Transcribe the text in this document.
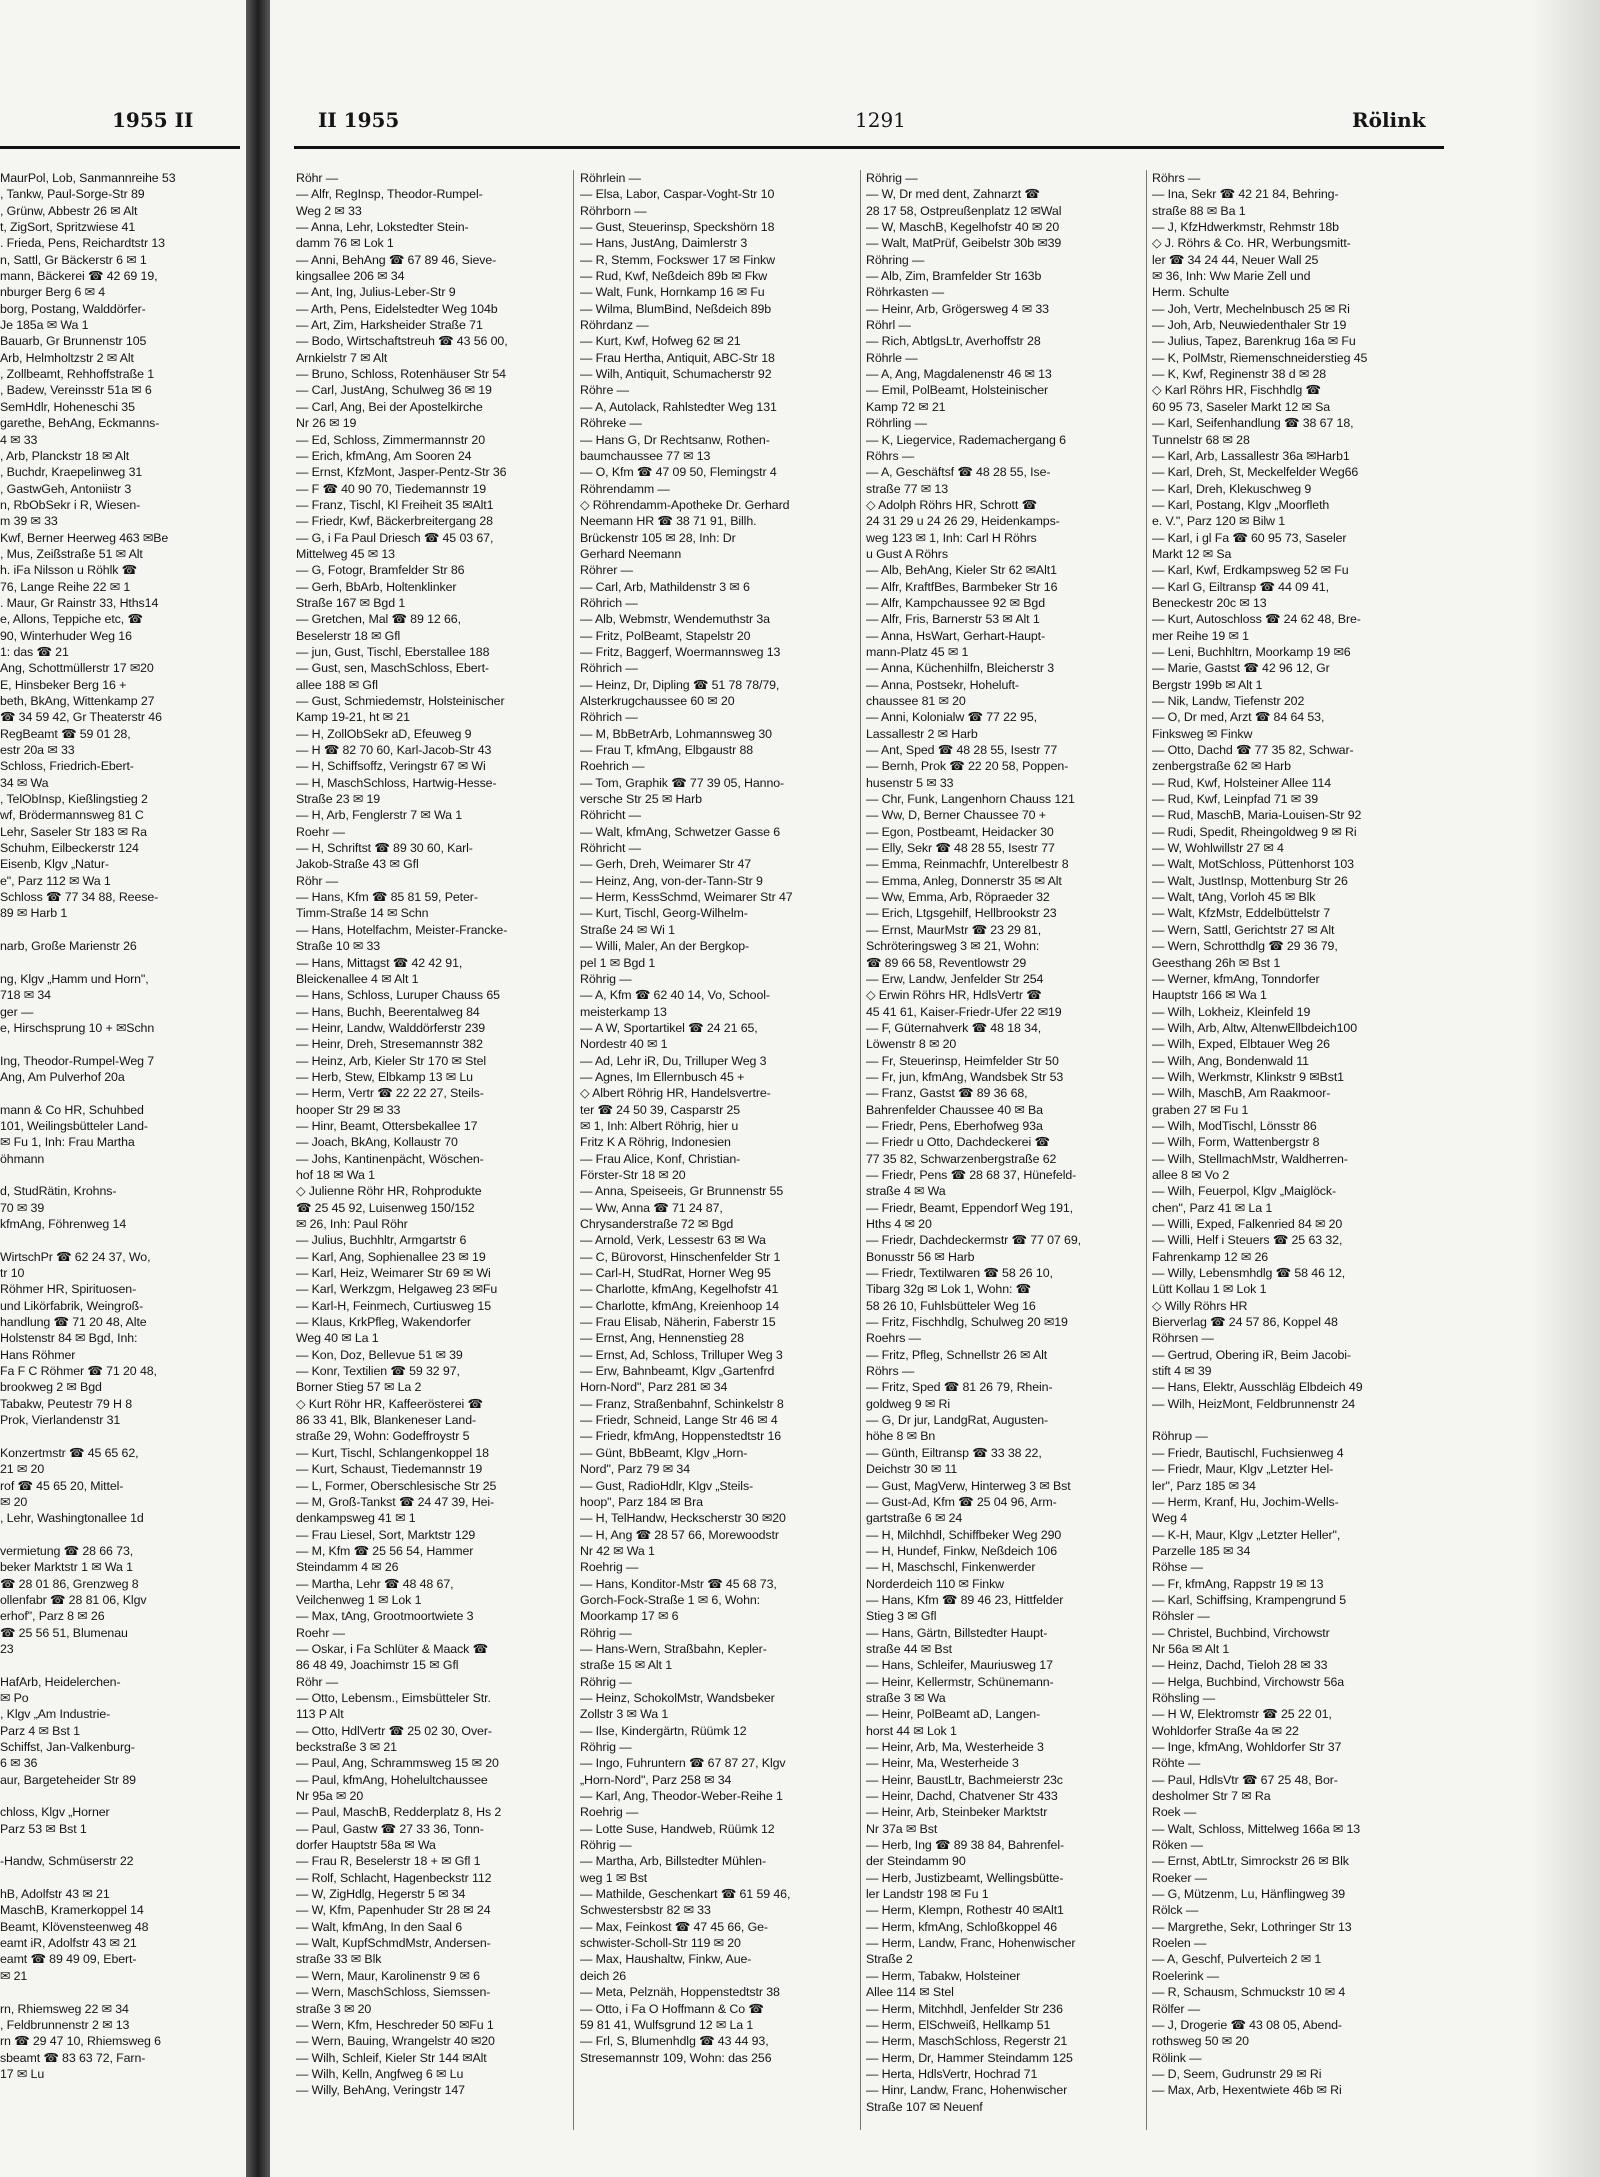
1955 II
MaurPol, Lob, Sanmannreihe 53
, Tankw, Paul-Sorge-Str 89
, Grünw, Abbestr 26 ✉ Alt
t, ZigSort, Spritzwiese 41
. Frieda, Pens, Reichardtstr 13
n, Sattl, Gr Bäckerstr 6 ✉ 1
mann, Bäckerei ☎ 42 69 19,
nburger Berg 6 ✉ 4
borg, Postang, Walddörfer-
Je 185a ✉ Wa 1
Bauarb, Gr Brunnenstr 105
Arb, Helmholtzstr 2 ✉ Alt
, Zollbeamt, Rehhoffstraße 1
, Badew, Vereinsstr 51a ✉ 6
SemHdlr, Hoheneschi 35
garethe, BehAng, Eckmanns-
4 ✉ 33
, Arb, Planckstr 18 ✉ Alt
, Buchdr, Kraepelinweg 31
, GastwGeh, Antoniistr 3
n, RbObSekr i R, Wiesen-
m 39 ✉ 33
Kwf, Berner Heerweg 463 ✉Be
, Mus, Zeißstraße 51 ✉ Alt
h. iFa Nilsson u Röhlk ☎
76, Lange Reihe 22 ✉ 1
. Maur, Gr Rainstr 33, Hths14
e, Allons, Teppiche etc, ☎
90, Winterhuder Weg 16
1: das ☎ 21
Ang, Schottmüllerstr 17 ✉20
E, Hinsbeker Berg 16 +
beth, BkAng, Wittenkamp 27
☎ 34 59 42, Gr Theaterstr 46
RegBeamt ☎ 59 01 28,
estr 20a ✉ 33
Schloss, Friedrich-Ebert-
34 ✉ Wa
, TelObInsp, Kießlingstieg 2
wf, Brödermannsweg 81 C
Lehr, Saseler Str 183 ✉ Ra
Schuhm, Eilbeckerstr 124
Eisenb, Klgv „Natur-
e", Parz 112 ✉ Wa 1
Schloss ☎ 77 34 88, Reese-
89 ✉ Harb 1
narb, Große Marienstr 26
ng, Klgv „Hamm und Horn",
718 ✉ 34
ger —
e, Hirschsprung 10 + ✉Schn
Ing, Theodor-Rumpel-Weg 7
Ang, Am Pulverhof 20a
mann & Co HR, Schuhbed
101, Weilingsbütteler Land-
✉ Fu 1, Inh: Frau Martha
öhmann
d, StudRätin, Krohns-
70 ✉ 39
kfmAng, Föhrenweg 14
WirtschPr ☎ 62 24 37, Wo,
tr 10
Röhmer HR, Spirituosen-
und Likörfabrik, Weingroß-
handlung ☎ 71 20 48, Alte
Holstenstr 84 ✉ Bgd, Inh:
Hans Röhmer
Fa F C Röhmer ☎ 71 20 48,
brookweg 2 ✉ Bgd
Tabakw, Peutestr 79 H 8
Prok, Vierlandenstr 31
Konzertmstr ☎ 45 65 62,
21 ✉ 20
rof ☎ 45 65 20, Mittel-
✉ 20
, Lehr, Washingtonallee 1d
vermietung ☎ 28 66 73,
beker Marktstr 1 ✉ Wa 1
☎ 28 01 86, Grenzweg 8
ollenfabr ☎ 28 81 06, Klgv
erhof", Parz 8 ✉ 26
☎ 25 56 51, Blumenau
23
HafArb, Heidelerchen-
✉ Po
, Klgv „Am Industrie-
Parz 4 ✉ Bst 1
Schiffst, Jan-Valkenburg-
6 ✉ 36
aur, Bargeteheider Str 89
chloss, Klgv „Horner
Parz 53 ✉ Bst 1
-Handw, Schmüserstr 22
hB, Adolfstr 43 ✉ 21
MaschB, Kramerkoppel 14
Beamt, Klövensteenweg 48
eamt iR, Adolfstr 43 ✉ 21
eamt ☎ 89 49 09, Ebert-
✉ 21
rn, Rhiemsweg 22 ✉ 34
, Feldbrunnenstr 2 ✉ 13
rn ☎ 29 47 10, Rhiemsweg 6
sbeamt ☎ 83 63 72, Farn-
17 ✉ Lu
II 1955	1291	Rölink
Röhr —
— Alfr, RegInsp, Theodor-Rumpel-
Weg 2 ✉ 33
— Anna, Lehr, Lokstedter Stein-
damm 76 ✉ Lok 1
— Anni, BehAng ☎ 67 89 46, Sieve-
kingsallee 206 ✉ 34
— Ant, Ing, Julius-Leber-Str 9
— Arth, Pens, Eidelstedter Weg 104b
— Art, Zim, Harksheider Straße 71
— Bodo, Wirtschaftstreuh ☎ 43 56 00,
Arnkielstr 7 ✉ Alt
— Bruno, Schloss, Rotenhäuser Str 54
— Carl, JustAng, Schulweg 36 ✉ 19
— Carl, Ang, Bei der Apostelkirche
Nr 26 ✉ 19
— Ed, Schloss, Zimmermannstr 20
— Erich, kfmAng, Am Sooren 24
— Ernst, KfzMont, Jasper-Pentz-Str 36
— F ☎ 40 90 70, Tiedemannstr 19
— Franz, Tischl, Kl Freiheit 35 ✉Alt1
— Friedr, Kwf, Bäckerbreitergang 28
— G, i Fa Paul Driesch ☎ 45 03 67,
Mittelweg 45 ✉ 13
— G, Fotogr, Bramfelder Str 86
— Gerh, BbArb, Holtenklinker
Straße 167 ✉ Bgd 1
— Gretchen, Mal ☎ 89 12 66,
Beselerstr 18 ✉ Gfl
— jun, Gust, Tischl, Eberstallee 188
— Gust, sen, MaschSchloss, Ebert-
allee 188 ✉ Gfl
— Gust, Schmiedemstr, Holsteinischer
Kamp 19-21, ht ✉ 21
— H, ZollObSekr aD, Efeuweg 9
— H ☎ 82 70 60, Karl-Jacob-Str 43
— H, Schiffsoffz, Veringstr 67 ✉ Wi
— H, MaschSchloss, Hartwig-Hesse-
Straße 23 ✉ 19
— H, Arb, Fenglerstr 7 ✉ Wa 1
Roehr —
— H, Schriftst ☎ 89 30 60, Karl-
Jakob-Straße 43 ✉ Gfl
Röhr —
— Hans, Kfm ☎ 85 81 59, Peter-
Timm-Straße 14 ✉ Schn
— Hans, Hotelfachm, Meister-Francke-
Straße 10 ✉ 33
— Hans, Mittagst ☎ 42 42 91,
Bleickenallee 4 ✉ Alt 1
— Hans, Schloss, Luruper Chauss 65
— Hans, Buchh, Beerentalweg 84
— Heinr, Landw, Walddörferstr 239
— Heinr, Dreh, Stresemannstr 382
— Heinz, Arb, Kieler Str 170 ✉ Stel
— Herb, Stew, Elbkamp 13 ✉ Lu
— Herm, Vertr ☎ 22 22 27, Steils-
hooper Str 29 ✉ 33
— Hinr, Beamt, Ottersbekallee 17
— Joach, BkAng, Kollaustr 70
— Johs, Kantinenpächt, Wöschen-
hof 18 ✉ Wa 1
◇ Julienne Röhr HR, Rohprodukte
☎ 25 45 92, Luisenweg 150/152
✉ 26, Inh: Paul Röhr
— Julius, Buchhltr, Armgartstr 6
— Karl, Ang, Sophienallee 23 ✉ 19
— Karl, Heiz, Weimarer Str 69 ✉ Wi
— Karl, Werkzgm, Helgaweg 23 ✉Fu
— Karl-H, Feinmech, Curtiusweg 15
— Klaus, KrkPfleg, Wakendorfer
Weg 40 ✉ La 1
— Kon, Doz, Bellevue 51 ✉ 39
— Konr, Textilien ☎ 59 32 97,
Borner Stieg 57 ✉ La 2
◇ Kurt Röhr HR, Kaffeerösterei ☎
86 33 41, Blk, Blankeneser Land-
straße 29, Wohn: Godeffroystr 5
— Kurt, Tischl, Schlangenkoppel 18
— Kurt, Schaust, Tiedemannstr 19
— L, Former, Oberschlesische Str 25
— M, Groß-Tankst ☎ 24 47 39, Hei-
denkampsweg 41 ✉ 1
— Frau Liesel, Sort, Marktstr 129
— M, Kfm ☎ 25 56 54, Hammer
Steindamm 4 ✉ 26
— Martha, Lehr ☎ 48 48 67,
Veilchenweg 1 ✉ Lok 1
— Max, tAng, Grootmoortwiete 3
Roehr —
— Oskar, i Fa Schlüter & Maack ☎
86 48 49, Joachimstr 15 ✉ Gfl
Röhr —
— Otto, Lebensm., Eimsbütteler Str.
113 P Alt
— Otto, HdlVertr ☎ 25 02 30, Over-
beckstraße 3 ✉ 21
— Paul, Ang, Schrammsweg 15 ✉ 20
— Paul, kfmAng, Hohelultchaussee
Nr 95a ✉ 20
— Paul, MaschB, Redderplatz 8, Hs 2
— Paul, Gastw ☎ 27 33 36, Tonn-
dorfer Hauptstr 58a ✉ Wa
— Frau R, Beselerstr 18 + ✉ Gfl 1
— Rolf, Schlacht, Hagenbeckstr 112
— W, ZigHdlg, Hegerstr 5 ✉ 34
— W, Kfm, Papenhuder Str 28 ✉ 24
— Walt, kfmAng, In den Saal 6
— Walt, KupfSchmdMstr, Andersen-
straße 33 ✉ Blk
— Wern, Maur, Karolinenstr 9 ✉ 6
— Wern, MaschSchloss, Siemssen-
straße 3 ✉ 20
— Wern, Kfm, Heschreder 50 ✉Fu 1
— Wern, Bauing, Wrangelstr 40 ✉20
— Wilh, Schleif, Kieler Str 144 ✉Alt
— Wilh, Kelln, Angfweg 6 ✉ Lu
— Willy, BehAng, Veringstr 147
Röhrlein —
— Elsa, Labor, Caspar-Voght-Str 10
Röhrborn —
— Gust, Steuerinsp, Speckshörn 18
— Hans, JustAng, Daimlerstr 3
— R, Stemm, Fockswег 17 ✉ Finkw
— Rud, Kwf, Neßdeich 89b ✉ Fkw
— Walt, Funk, Hornkamp 16 ✉ Fu
— Wilma, BlumBind, Neßdeich 89b
Röhrdanz —
— Kurt, Kwf, Hofweg 62 ✉ 21
— Frau Hertha, Antiquit, ABC-Str 18
— Wilh, Antiquit, Schumacherstr 92
Röhre —
— A, Autolack, Rahlstedter Weg 131
Röhreke —
— Hans G, Dr Rechtsanw, Rothen-
baumchaussee 77 ✉ 13
— O, Kfm ☎ 47 09 50, Flemingstr 4
Röhrendamm —
◇ Röhrendamm-Apotheke Dr. Gerhard
Neemann HR ☎ 38 71 91, Billh.
Brückenstr 105 ✉ 28, Inh: Dr
Gerhard Neemann
Röhrer —
— Carl, Arb, Mathildenstr 3 ✉ 6
Röhrich —
— Alb, Webmstr, Wendemuthstr 3a
— Fritz, PolBeamt, Stapelstr 20
— Fritz, Baggerf, Woermannsweg 13
Röhrich —
— Heinz, Dr, Dipling ☎ 51 78 78/79,
Alsterkrugchaussee 60 ✉ 20
Röhrich —
— M, BbBetrArb, Lohmannsweg 30
— Frau T, kfmAng, Elbgaustr 88
Roehrich —
— Tom, Graphik ☎ 77 39 05, Hanno-
versche Str 25 ✉ Harb
Röhricht —
— Walt, kfmAng, Schwetzer Gasse 6
Röhricht —
— Gerh, Dreh, Weimarer Str 47
— Heinz, Ang, von-der-Tann-Str 9
— Herm, KessSchmd, Weimarer Str 47
— Kurt, Tischl, Georg-Wilhelm-
Straße 24 ✉ Wi 1
— Willi, Maler, An der Bergkop-
pel 1 ✉ Bgd 1
Röhrig —
— A, Kfm ☎ 62 40 14, Vo, School-
meisterkamp 13
— A W, Sportartikel ☎ 24 21 65,
Nordestr 40 ✉ 1
— Ad, Lehr iR, Du, Trilluper Weg 3
— Agnes, Im Ellernbusch 45 +
◇ Albert Röhrig HR, Handelsvertre-
ter ☎ 24 50 39, Casparstr 25
✉ 1, Inh: Albert Röhrig, hier u
Fritz K A Röhrig, Indonesien
— Frau Alice, Konf, Christian-
Förster-Str 18 ✉ 20
— Anna, Speiseeis, Gr Brunnenstr 55
— Ww, Anna ☎ 71 24 87,
Chrysanderstraße 72 ✉ Bgd
— Arnold, Verk, Lessestr 63 ✉ Wa
— C, Bürovorst, Hinschenfelder Str 1
— Carl-H, StudRat, Horner Weg 95
— Charlotte, kfmAng, Kegelhofstr 41
— Charlotte, kfmAng, Kreienhoop 14
— Frau Elisab, Näherin, Faberstr 15
— Ernst, Ang, Hennenstieg 28
— Ernst, Ad, Schloss, Trilluper Weg 3
— Erw, Bahnbeamt, Klgv „Gartenfrd
Horn-Nord", Parz 281 ✉ 34
— Franz, Straßenbahnf, Schinkelstr 8
— Friedr, Schneid, Lange Str 46 ✉ 4
— Friedr, kfmAng, Hoppenstedtstr 16
— Günt, BbBeamt, Klgv „Horn-
Nord", Parz 79 ✉ 34
— Gust, RadioHdlr, Klgv „Steils-
hoop", Parz 184 ✉ Bra
— H, TelHandw, Hecksсherstr 30 ✉20
— H, Ang ☎ 28 57 66, Morewoodstr
Nr 42 ✉ Wa 1
Roehrig —
— Hans, Konditor-Mstr ☎ 45 68 73,
Gorch-Fock-Straße 1 ✉ 6, Wohn:
Moorkamp 17 ✉ 6
Röhrig —
— Hans-Wern, Straßbahn, Kepler-
straße 15 ✉ Alt 1
Röhrig —
— Heinz, SchokolMstr, Wandsbeker
Zollstr 3 ✉ Wa 1
— Ilse, Kindergärtn, Rüümk 12
Röhrig —
— Ingo, Fuhruntern ☎ 67 87 27, Klgv
„Horn-Nord", Parz 258 ✉ 34
— Karl, Ang, Theodor-Weber-Reihe 1
Roehrig —
— Lotte Suse, Handweb, Rüümk 12
Röhrig —
— Martha, Arb, Billstedter Mühlen-
weg 1 ✉ Bst
— Mathilde, Geschenkart ☎ 61 59 46,
Schwestersbstr 82 ✉ 33
— Max, Feinkost ☎ 47 45 66, Ge-
schwister-Scholl-Str 119 ✉ 20
— Max, Haushaltw, Finkw, Aue-
deich 26
— Meta, Pelznäh, Hoppenstedtstr 38
— Otto, i Fa O Hoffmann & Co ☎
59 81 41, Wulfsgrund 12 ✉ La 1
— Frl, S, Blumenhdlg ☎ 43 44 93,
Stresemannstr 109, Wohn: das 256
Röhrig —
— W, Dr med dent, Zahnarzt ☎
28 17 58, Ostpreußenplatz 12 ✉Wal
— W, MaschB, Kegelhofstr 40 ✉ 20
— Walt, MatPrüf, Geibelstr 30b ✉39
Röhring —
— Alb, Zim, Bramfelder Str 163b
Röhrkasten —
— Heinr, Arb, Grögersweg 4 ✉ 33
Röhrl —
— Rich, AbtlgsLtr, Averhoffstr 28
Röhrle —
— A, Ang, Magdalenenstr 46 ✉ 13
— Emil, PolBeamt, Holsteinischer
Kamp 72 ✉ 21
Röhrling —
— K, Liegervice, Rademachergang 6
Röhrs —
— A, Geschäftsf ☎ 48 28 55, Ise-
straße 77 ✉ 13
◇ Adolph Röhrs HR, Schrott ☎
24 31 29 u 24 26 29, Heidenkamps-
weg 123 ✉ 1, Inh: Carl H Röhrs
u Gust A Röhrs
— Alb, BehAng, Kieler Str 62 ✉Alt1
— Alfr, KraftfBes, Barmbeker Str 16
— Alfr, Kampchaussee 92 ✉ Bgd
— Alfr, Fris, Barnerstr 53 ✉ Alt 1
— Anna, HsWart, Gerhart-Haupt-
mann-Platz 45 ✉ 1
— Anna, Küchenhilfn, Bleicherstr 3
— Anna, Postsekr, Hoheluft-
chaussee 81 ✉ 20
— Anni, Kolonialw ☎ 77 22 95,
Lassallestr 2 ✉ Harb
— Ant, Sped ☎ 48 28 55, Isestr 77
— Bernh, Prok ☎ 22 20 58, Poppen-
husenstr 5 ✉ 33
— Chr, Funk, Langenhorn Chauss 121
— Ww, D, Berner Chaussee 70 +
— Egon, Postbeamt, Heidacker 30
— Elly, Sekr ☎ 48 28 55, Isestr 77
— Emma, Reinmachfr, Unterelbestr 8
— Emma, Anleg, Donnerstr 35 ✉ Alt
— Ww, Emma, Arb, Röpraeder 32
— Erich, Ltgsgehilf, Hellbrookstr 23
— Ernst, MaurMstr ☎ 23 29 81,
Schröteringsweg 3 ✉ 21, Wohn:
☎ 89 66 58, Reventlowstr 29
— Erw, Landw, Jenfelder Str 254
◇ Erwin Röhrs HR, HdlsVertr ☎
45 41 61, Kaiser-Friedr-Ufer 22 ✉19
— F, Güternahverk ☎ 48 18 34,
Löwenstr 8 ✉ 20
— Fr, Steuerinsp, Heimfelder Str 50
— Fr, jun, kfmAng, Wandsbek Str 53
— Franz, Gastst ☎ 89 36 68,
Bahrenfelder Chaussee 40 ✉ Ba
— Friedr, Pens, Eberhofweg 93a
— Friedr u Otto, Dachdeckerei ☎
77 35 82, Schwarzenbergstraße 62
— Friedr, Pens ☎ 28 68 37, Hünefeld-
straße 4 ✉ Wa
— Friedr, Beamt, Eppendorf Weg 191,
Hths 4 ✉ 20
— Friedr, Dachdeckermstr ☎ 77 07 69,
Bonusstr 56 ✉ Harb
— Friedr, Textilwaren ☎ 58 26 10,
Tibarg 32g ✉ Lok 1, Wohn: ☎
58 26 10, Fuhlsbütteler Weg 16
— Fritz, Fischhdlg, Schulweg 20 ✉19
Roehrs —
— Fritz, Pfleg, Schnellstr 26 ✉ Alt
Röhrs —
— Fritz, Sped ☎ 81 26 79, Rhein-
goldweg 9 ✉ Ri
— G, Dr jur, LandgRat, Augusten-
höhe 8 ✉ Bn
— Günth, Eiltransp ☎ 33 38 22,
Deichstr 30 ✉ 11
— Gust, MagVerw, Hinterweg 3 ✉ Bst
— Gust-Ad, Kfm ☎ 25 04 96, Arm-
gartstraße 6 ✉ 24
— H, Milchhdl, Schiffbeker Weg 290
— H, Hundef, Finkw, Neßdeich 106
— H, Maschschl, Finkenwerder
Norderdeich 110 ✉ Finkw
— Hans, Kfm ☎ 89 46 23, Hittfelder
Stieg 3 ✉ Gfl
— Hans, Gärtn, Billstedter Haupt-
straße 44 ✉ Bst
— Hans, Schleifer, Mauriusweg 17
— Heinr, Kellermstr, Schünemann-
straße 3 ✉ Wa
— Heinr, PolBeamt aD, Langen-
horst 44 ✉ Lok 1
— Heinr, Arb, Ma, Westerheide 3
— Heinr, Ma, Westerheide 3
— Heinr, BaustLtr, Bachmeierstr 23c
— Heinr, Dachd, Chatvener Str 433
— Heinr, Arb, Steinbeker Marktstr
Nr 37a ✉ Bst
— Herb, Ing ☎ 89 38 84, Bahrenfel-
der Steindamm 90
— Herb, Justizbeamt, Wellingsbütte-
ler Landstr 198 ✉ Fu 1
— Herm, Klempn, Rothestr 40 ✉Alt1
— Herm, kfmAng, Schloßkoppel 46
— Herm, Landw, Franc, Hohenwischer
Straße 2
— Herm, Tabakw, Holsteiner
Allee 114 ✉ Stel
— Herm, Mitchhdl, Jenfelder Str 236
— Herm, ElSchweiß, Hellkamp 51
— Herm, MaschSchloss, Regerstr 21
— Herm, Dr, Hammer Steindamm 125
— Herta, HdlsVertr, Hochrad 71
— Hinr, Landw, Franc, Hohenwischer
Straße 107 ✉ Neuenf
Röhrs —
— Ina, Sekr ☎ 42 21 84, Behring-
straße 88 ✉ Ba 1
— J, KfzHdwerkmstr, Rehmstr 18b
◇ J. Röhrs & Co. HR, Werbungsmitt-
ler ☎ 34 24 44, Neuer Wall 25
✉ 36, Inh: Ww Marie Zell und
Herm. Schulte
— Joh, Vertr, Mechelnbusch 25 ✉ Ri
— Joh, Arb, Neuwiedenthaler Str 19
— Julius, Tapez, Barenkrug 16a ✉ Fu
— K, PolMstr, Riemenschneiderstieg 45
— K, Kwf, Reginenstr 38 d ✉ 28
◇ Karl Röhrs HR, Fischhdlg ☎
60 95 73, Saseler Markt 12 ✉ Sa
— Karl, Seifenhandlung ☎ 38 67 18,
Tunnelstr 68 ✉ 28
— Karl, Arb, Lassallestr 36a ✉Harb1
— Karl, Dreh, St, Meckelfelder Weg66
— Karl, Dreh, Klekuschweg 9
— Karl, Postang, Klgv „Moorfleth
e. V.", Parz 120 ✉ Bilw 1
— Karl, i gl Fa ☎ 60 95 73, Saseler
Markt 12 ✉ Sa
— Karl, Kwf, Erdkampsweg 52 ✉ Fu
— Karl G, Eiltransp ☎ 44 09 41,
Beneckestr 20c ✉ 13
— Kurt, Autoschloss ☎ 24 62 48, Bre-
mer Reihe 19 ✉ 1
— Leni, Buchhltrn, Moorkamp 19 ✉6
— Marie, Gastst ☎ 42 96 12, Gr
Bergstr 199b ✉ Alt 1
— Nik, Landw, Tiefenstr 202
— O, Dr med, Arzt ☎ 84 64 53,
Finksweg ✉ Finkw
— Otto, Dachd ☎ 77 35 82, Schwar-
zenbergstraße 62 ✉ Harb
— Rud, Kwf, Holsteiner Allee 114
— Rud, Kwf, Leinpfad 71 ✉ 39
— Rud, MaschB, Maria-Louisen-Str 92
— Rudi, Spedit, Rheingoldweg 9 ✉ Ri
— W, Wohlwillstr 27 ✉ 4
— Walt, MotSchloss, Püttenhorst 103
— Walt, JustInsp, Mottenburg Str 26
— Walt, tAng, Vorloh 45 ✉ Blk
— Walt, KfzMstr, Eddelbüttelstr 7
— Wern, Sattl, Gerichtstr 27 ✉ Alt
— Wern, Schrotthdlg ☎ 29 36 79,
Geesthang 26h ✉ Bst 1
— Werner, kfmAng, Tonndorfer
Hauptstr 166 ✉ Wa 1
— Wilh, Lokheiz, Kleinfeld 19
— Wilh, Arb, Altw, AltenwEllbdeich100
— Wilh, Exped, Elbtauer Weg 26
— Wilh, Ang, Bondenwald 11
— Wilh, Werkmstr, Klinkstr 9 ✉Bst1
— Wilh, MaschB, Am Raakmoor-
graben 27 ✉ Fu 1
— Wilh, ModTischl, Lönsstr 86
— Wilh, Form, Wattenbergstr 8
— Wilh, StellmachMstr, Waldherren-
allee 8 ✉ Vo 2
— Wilh, Feuerpol, Klgv „Maiglöck-
chen", Parz 41 ✉ La 1
— Willi, Exped, Falkenried 84 ✉ 20
— Willi, Helf i Steuers ☎ 25 63 32,
Fahrenkamp 12 ✉ 26
— Willy, Lebensmhdlg ☎ 58 46 12,
Lütt Kollau 1 ✉ Lok 1
◇ Willy Röhrs HR
Bierverlag ☎ 24 57 86, Koppel 48
Röhrsen —
— Gertrud, Obering iR, Beim Jacobi-
stift 4 ✉ 39
— Hans, Elektr, Ausschläg Elbdeich 49
— Wilh, HeizMont, Feldbrunnenstr 24
Röhrup —
— Friedr, Bautischl, Fuchsienweg 4
— Friedr, Maur, Klgv „Letzter Hel-
ler", Parz 185 ✉ 34
— Herm, Kranf, Hu, Jochim-Wells-
Weg 4
— K-H, Maur, Klgv „Letzter Heller",
Parzelle 185 ✉ 34
Röhse —
— Fr, kfmAng, Rappstr 19 ✉ 13
— Karl, Schiffsing, Krampengrund 5
Röhsler —
— Christel, Buchbind, Virchowstr
Nr 56a ✉ Alt 1
— Heinz, Dachd, Tieloh 28 ✉ 33
— Helga, Buchbind, Virchowstr 56a
Röhsling —
— H W, Elektromstr ☎ 25 22 01,
Wohldorfer Straße 4a ✉ 22
— Inge, kfmAng, Wohldorfer Str 37
Röhte —
— Paul, HdlsVtr ☎ 67 25 48, Bor-
desholmer Str 7 ✉ Ra
Roek —
— Walt, Schloss, Mittelweg 166a ✉ 13
Röken —
— Ernst, AbtLtr, Simrockstr 26 ✉ Blk
Roeker —
— G, Mützenm, Lu, Hänflingweg 39
Rölck —
— Margrethe, Sekr, Lothringer Str 13
Roelen —
— A, Geschf, Pulverteich 2 ✉ 1
Roelerink —
— R, Schausm, Schmuckstr 10 ✉ 4
Rölfer —
— J, Drogerie ☎ 43 08 05, Abend-
rothsweg 50 ✉ 20
Rölink —
— D, Seem, Gudrunstr 29 ✉ Ri
— Max, Arb, Hexentwiete 46b ✉ Ri
